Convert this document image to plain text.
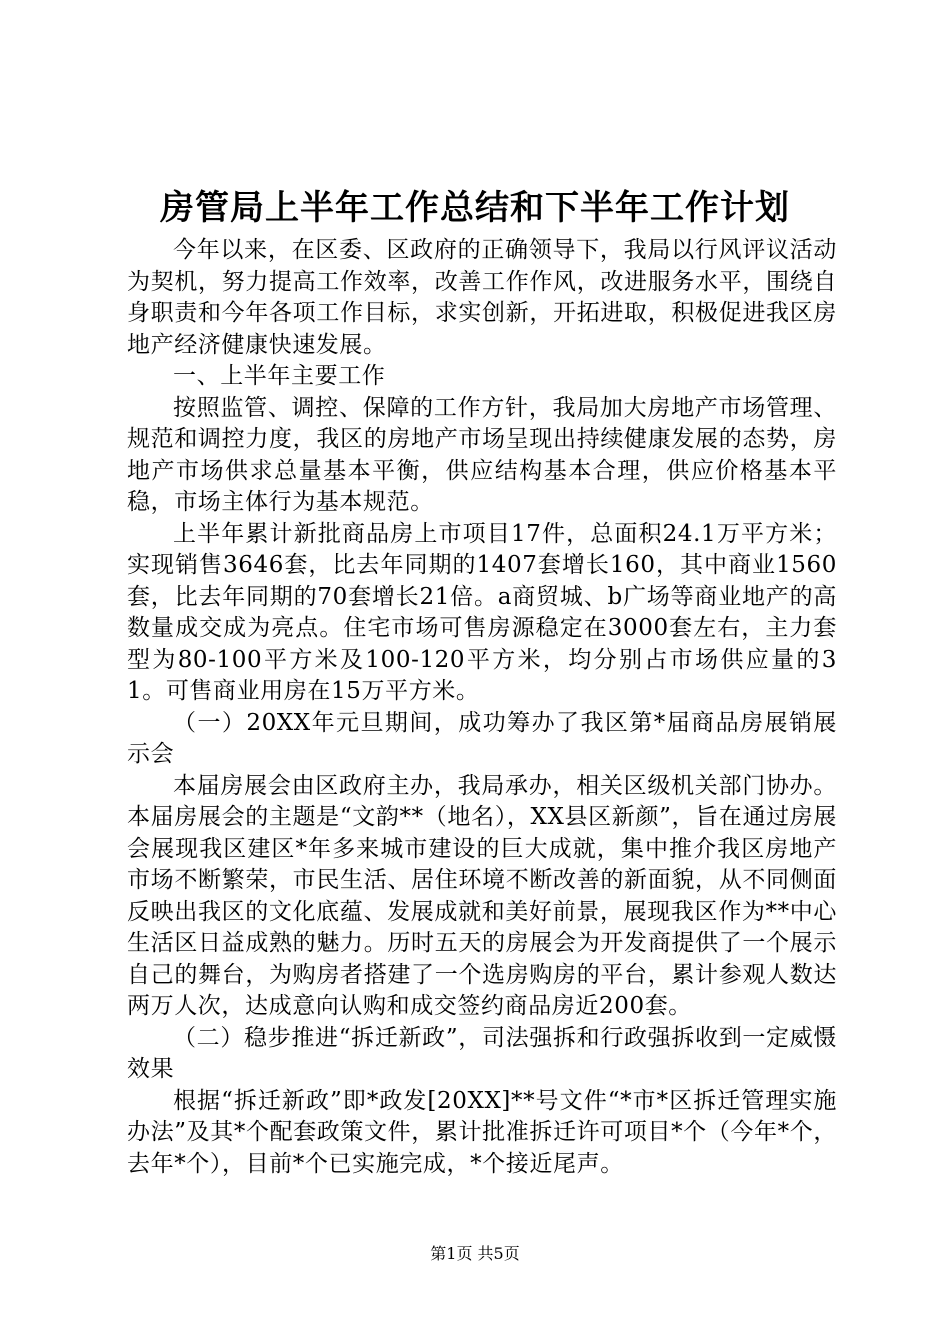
房管局上半年工作总结和下半年工作计划

今年以来，在区委、区政府的正确领导下，我局以行风评议活动为契机，努力提高工作效率，改善工作作风，改进服务水平，围绕自身职责和今年各项工作目标，求实创新，开拓进取，积极促进我区房地产经济健康快速发展。

一、上半年主要工作

按照监管、调控、保障的工作方针，我局加大房地产市场管理、规范和调控力度，我区的房地产市场呈现出持续健康发展的态势，房地产市场供求总量基本平衡，供应结构基本合理，供应价格基本平稳，市场主体行为基本规范。

上半年累计新批商品房上市项目17件，总面积24.1万平方米；实现销售3646套，比去年同期的1407套增长160，其中商业1560套，比去年同期的70套增长21倍。a商贸城、b广场等商业地产的高数量成交成为亮点。住宅市场可售房源稳定在3000套左右，主力套型为80-100平方米及100-120平方米，均分别占市场供应量的31。可售商业用房在15万平方米。

（一）20XX年元旦期间，成功筹办了我区第*届商品房展销展示会

本届房展会由区政府主办，我局承办，相关区级机关部门协办。本届房展会的主题是“文韵**（地名），XX县区新颜”，旨在通过房展会展现我区建区*年多来城市建设的巨大成就，集中推介我区房地产市场不断繁荣，市民生活、居住环境不断改善的新面貌，从不同侧面反映出我区的文化底蕴、发展成就和美好前景，展现我区作为**中心生活区日益成熟的魅力。历时五天的房展会为开发商提供了一个展示自己的舞台，为购房者搭建了一个选房购房的平台，累计参观人数达两万人次，达成意向认购和成交签约商品房近200套。

（二）稳步推进“拆迁新政”，司法强拆和行政强拆收到一定威慑效果

根据“拆迁新政”即*政发[20XX]**号文件“*市*区拆迁管理实施办法”及其*个配套政策文件，累计批准拆迁许可项目*个（今年*个，去年*个），目前*个已实施完成，*个接近尾声。

第1页 共5页
